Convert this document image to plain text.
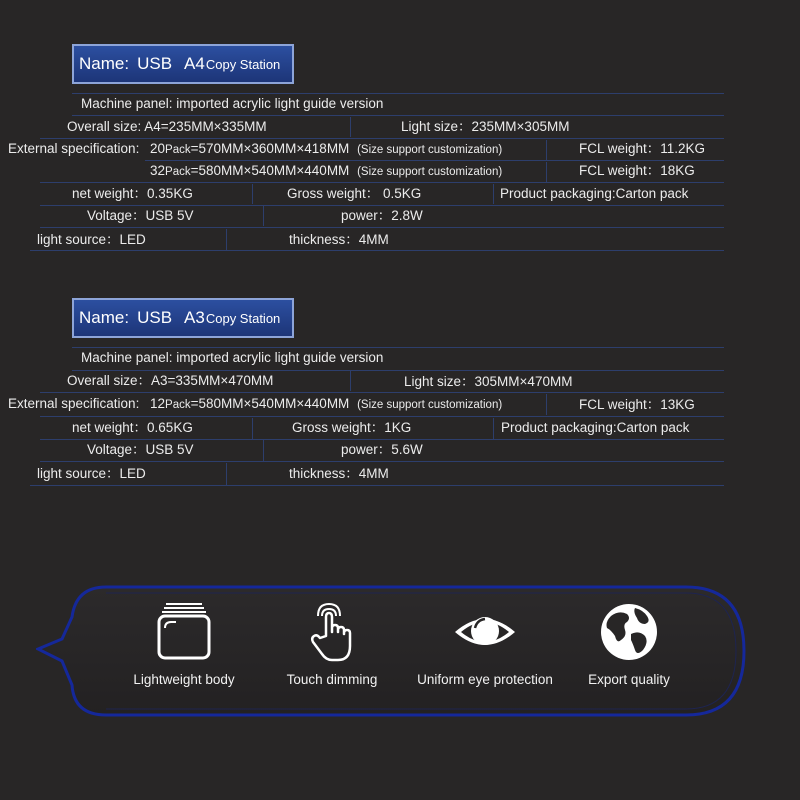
Name: USB A4 Copy Station
Machine panel: imported acrylic light guide version
Overall size: A4=235MM×335MM	Light size：235MM×305MM
External specification: 20Pack=570MM×360MM×418MM (Size support customization)	FCL weight：11.2KG
32Pack=580MM×540MM×440MM (Size support customization)	FCL weight：18KG
net weight：0.35KG	Gross weight： 0.5KG	Product packaging:Carton pack
Voltage：USB 5V	power：2.8W
light source：LED	thickness：4MM
Name: USB A3 Copy Station
Machine panel: imported acrylic light guide version
Overall size：A3=335MM×470MM	Light size：305MM×470MM
External specification: 12Pack=580MM×540MM×440MM (Size support customization)	FCL weight：13KG
net weight：0.65KG	Gross weight：1KG	Product packaging:Carton pack
Voltage：USB 5V	power：5.6W
light source：LED	thickness：4MM
Lightweight body	Touch dimming	Uniform eye protection	Export quality
